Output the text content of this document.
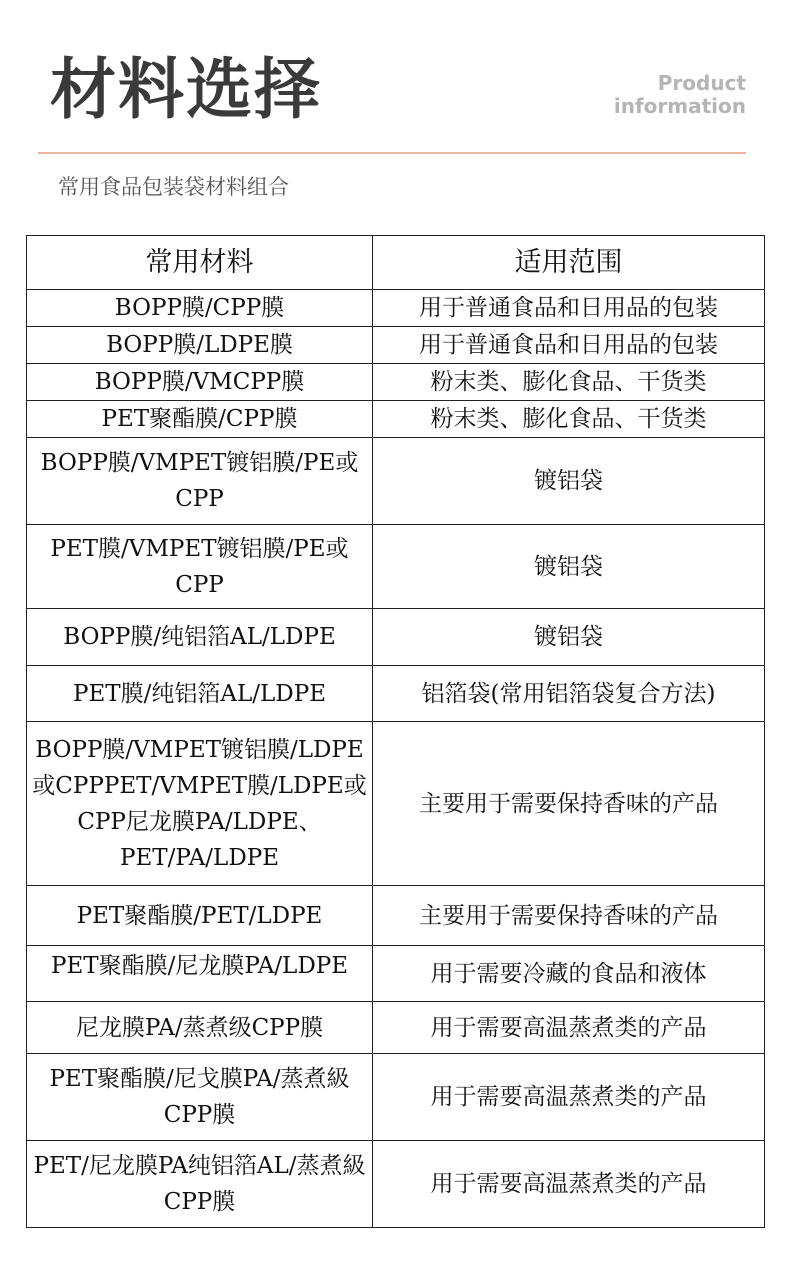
材料选择	Product
information
常用食品包装袋材料组合
常用材料	适用范围
BOPP膜/CPP膜	用于普通食品和日用品的包装
BOPP膜/LDPE膜	用于普通食品和日用品的包装
BOPP膜/VMCPP膜	粉末类、膨化食品、干货类
PET聚酯膜/CPP膜	粉末类、膨化食品、干货类
BOPP膜/VMPET镀铝膜/PE或CPP	镀铝袋
PET膜/VMPET镀铝膜/PE或CPP	镀铝袋
BOPP膜/纯铝箔AL/LDPE	镀铝袋
PET膜/纯铝箔AL/LDPE	铝箔袋(常用铝箔袋复合方法)
BOPP膜/VMPET镀铝膜/LDPE或CPPPET/VMPET膜/LDPE或CPP尼龙膜PA/LDPE、PET/PA/LDPE	主要用于需要保持香味的产品
PET聚酯膜/PET/LDPE	主要用于需要保持香味的产品

PET聚酯膜/尼龙膜PA/LDPE	用于需要冷藏的食品和液体
尼龙膜PA/蒸煮级CPP膜	用于需要高温蒸煮类的产品
PET聚酯膜/尼戈膜PA/蒸煮級CPP膜	用于需要高温蒸煮类的产品
PET/尼龙膜PA纯铝箔AL/蒸煮級CPP膜	用于需要高温蒸煮类的产品
